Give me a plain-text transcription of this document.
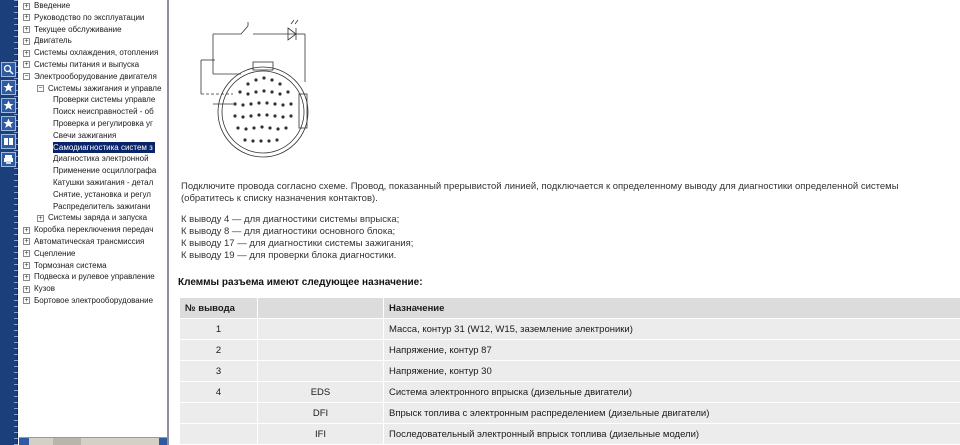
+ Введение
+ Руководство по эксплуатации
+ Текущее обслуживание
+ Двигатель
+ Системы охлаждения, отопления
+ Системы питания и выпуска
− Электрооборудование двигателя
− Системы зажигания и управле
Проверки системы управле
Поиск неисправностей - об
Проверка и регулировка уг
Свечи зажигания
Самодиагностика систем з
Диагностика электронной
Применение осциллографа
Катушки зажигания - детал
Снятие, установка и регул
Распределитель зажигани
+ Системы заряда и запуска
+ Коробка переключения передач
+ Автоматическая трансмиссия
+ Сцепление
+ Тормозная система
+ Подвеска и рулевое управление
+ Кузов
+ Бортовое электрооборудование
Подключите провода согласно схеме. Провод, показанный прерывистой линией, подключается к определенному выводу для диагностики определенной системы
(обратитесь к списку назначения контактов).
К выводу 4 — для диагностики системы впрыска;
К выводу 8 — для диагностики основного блока;
К выводу 17 — для диагностики системы зажигания;
К выводу 19 — для проверки блока диагностики.
Клеммы разъема имеют следующее назначение:
№ вывода		Назначение
1		Масса, контур 31 (W12, W15, заземление электроники)
2		Напряжение, контур 87
3		Напряжение, контур 30
4	EDS	Система электронного впрыска (дизельные двигатели)
	DFI	Впрыск топлива с электронным распределением (дизельные двигатели)
	IFI	Последовательный электронный впрыск топлива (дизельные модели)
